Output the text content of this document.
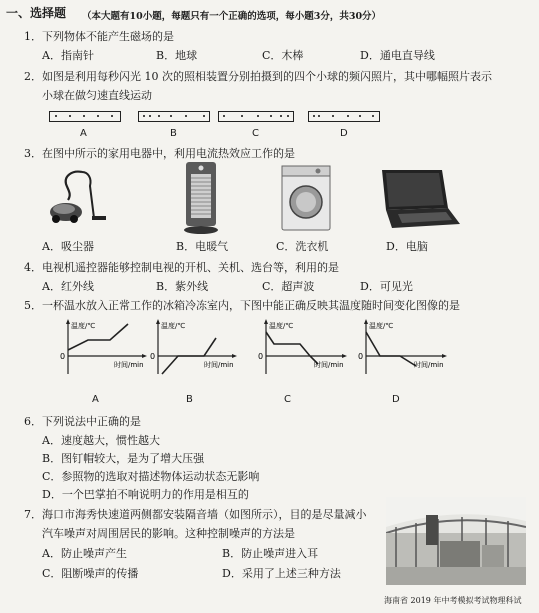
一、选择题 （本大题有10小题，每题只有一个正确的选项，每小题3分，共30分）
1．下列物体不能产生磁场的是
A．指南针	B．地球	C．木棒	D．通电直导线
2．如图是利用每秒闪光 10 次的照相装置分别拍摄到的四个小球的频闪照片，其中哪幅照片表示
小球在做匀速直线运动
A	B	C	D
3．在图中所示的家用电器中，利用电流热效应工作的是
A．吸尘器	B．电暖气	C．洗衣机	D．电脑
4．电视机遥控器能够控制电视的开机、关机、选台等，利用的是
A．红外线	B．紫外线	C．超声波	D．可见光
5．一杯温水放入正常工作的冰箱冷冻室内，下图中能正确反映其温度随时间变化图像的是
温度/℃
时间/min
0
温度/℃
时间/min
0
温度/℃
时间/min
0
温度/℃
时间/min
0
A	B	C	D
6．下列说法中正确的是
A．速度越大，惯性越大
B．图钉帽较大，是为了增大压强
C．参照物的选取对描述物体运动状态无影响
D．一个巴掌拍不响说明力的作用是相互的
7．海口市海秀快速道两侧都安装隔音墙（如图所示），目的是尽量减小
汽车噪声对周围居民的影响。这种控制噪声的方法是
A．防止噪声产生	B．防止噪声进入耳
C．阻断噪声的传播	D．采用了上述三种方法
海南省 2019 年中考模拟考试物理科试
